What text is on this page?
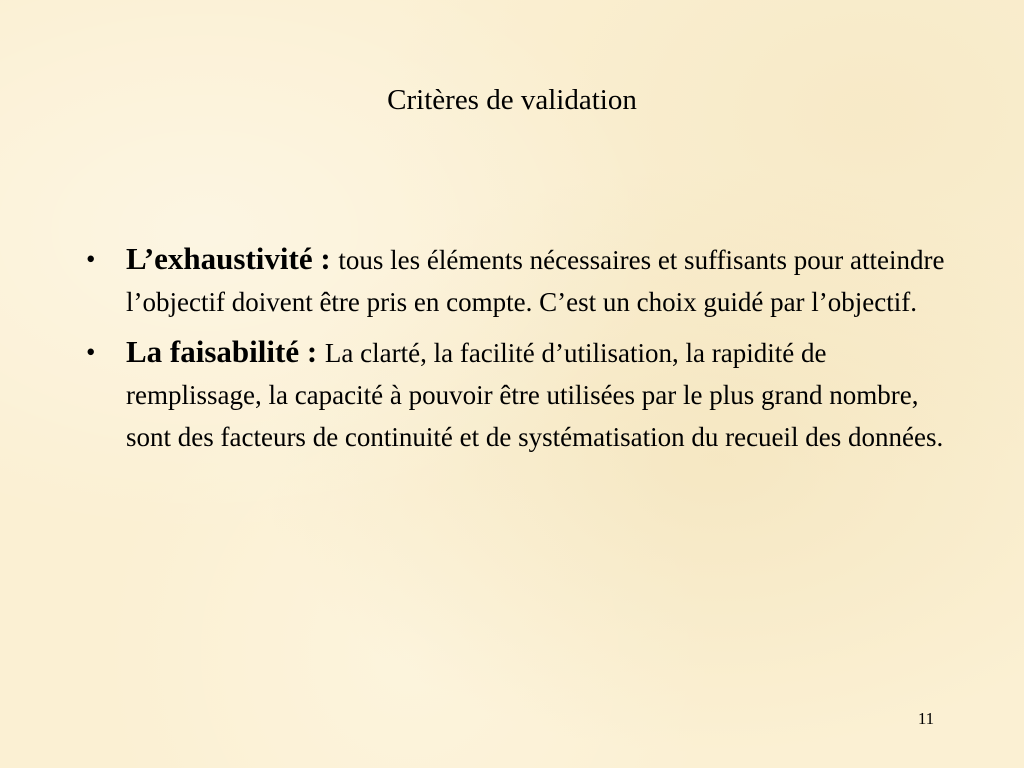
Critères de validation
• L’exhaustivité : tous les éléments nécessaires et suffisants pour atteindre l’objectif doivent être pris en compte. C’est un choix guidé par l’objectif.
• La faisabilité : La clarté, la facilité d’utilisation, la rapidité de remplissage, la capacité à pouvoir être utilisées par le plus grand nombre, sont des facteurs de continuité et de systématisation du recueil des données.
11
